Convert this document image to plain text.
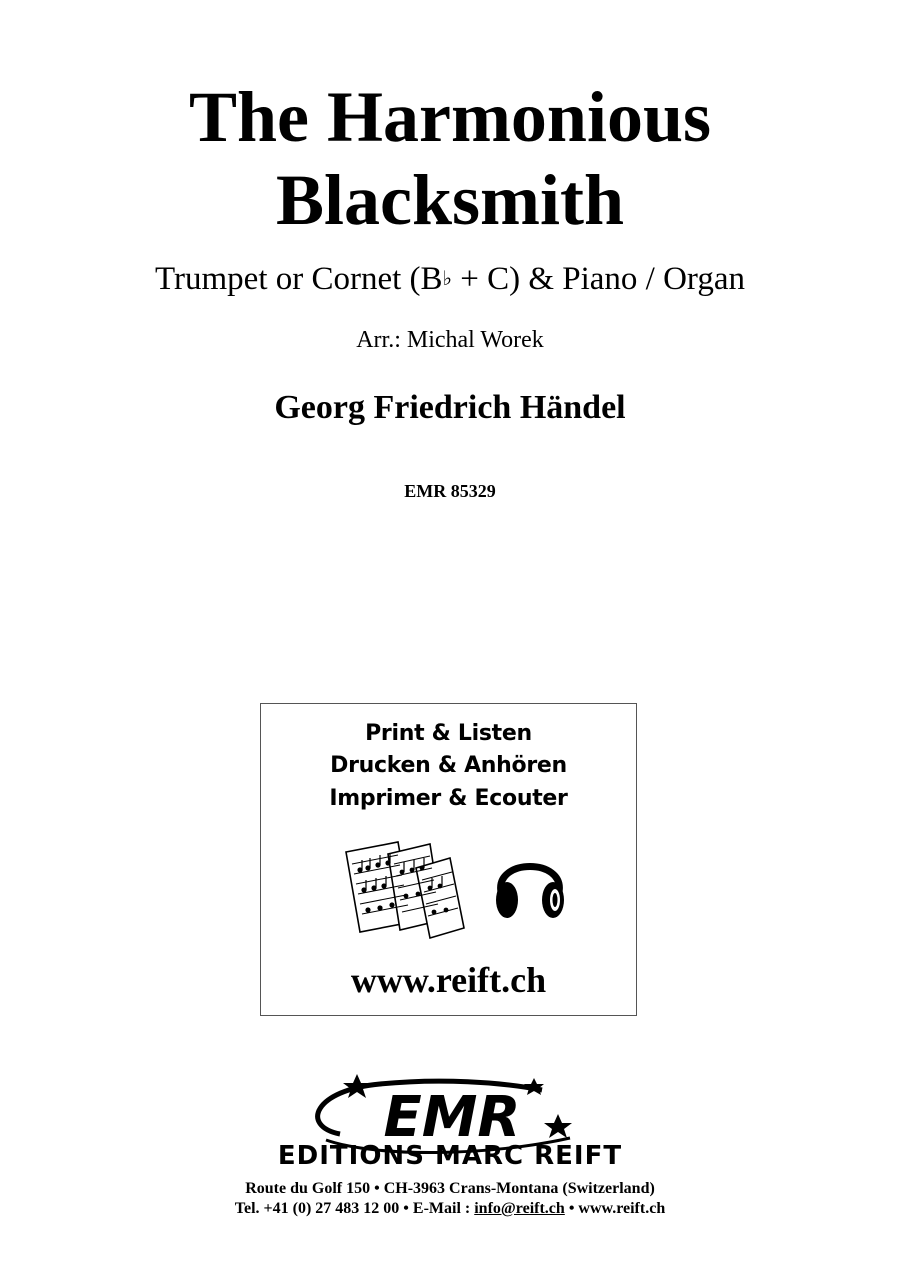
The Harmonious
Blacksmith
Trumpet or Cornet (B♭ + C) & Piano / Organ
Arr.: Michal Worek
Georg Friedrich Händel
EMR 85329
Print & Listen
Drucken & Anhören
Imprimer & Ecouter
www.reift.ch
EMR
EDITIONS MARC REIFT
Route du Golf 150 • CH-3963 Crans-Montana (Switzerland)
Tel. +41 (0) 27 483 12 00 • E-Mail : info@reift.ch • www.reift.ch
